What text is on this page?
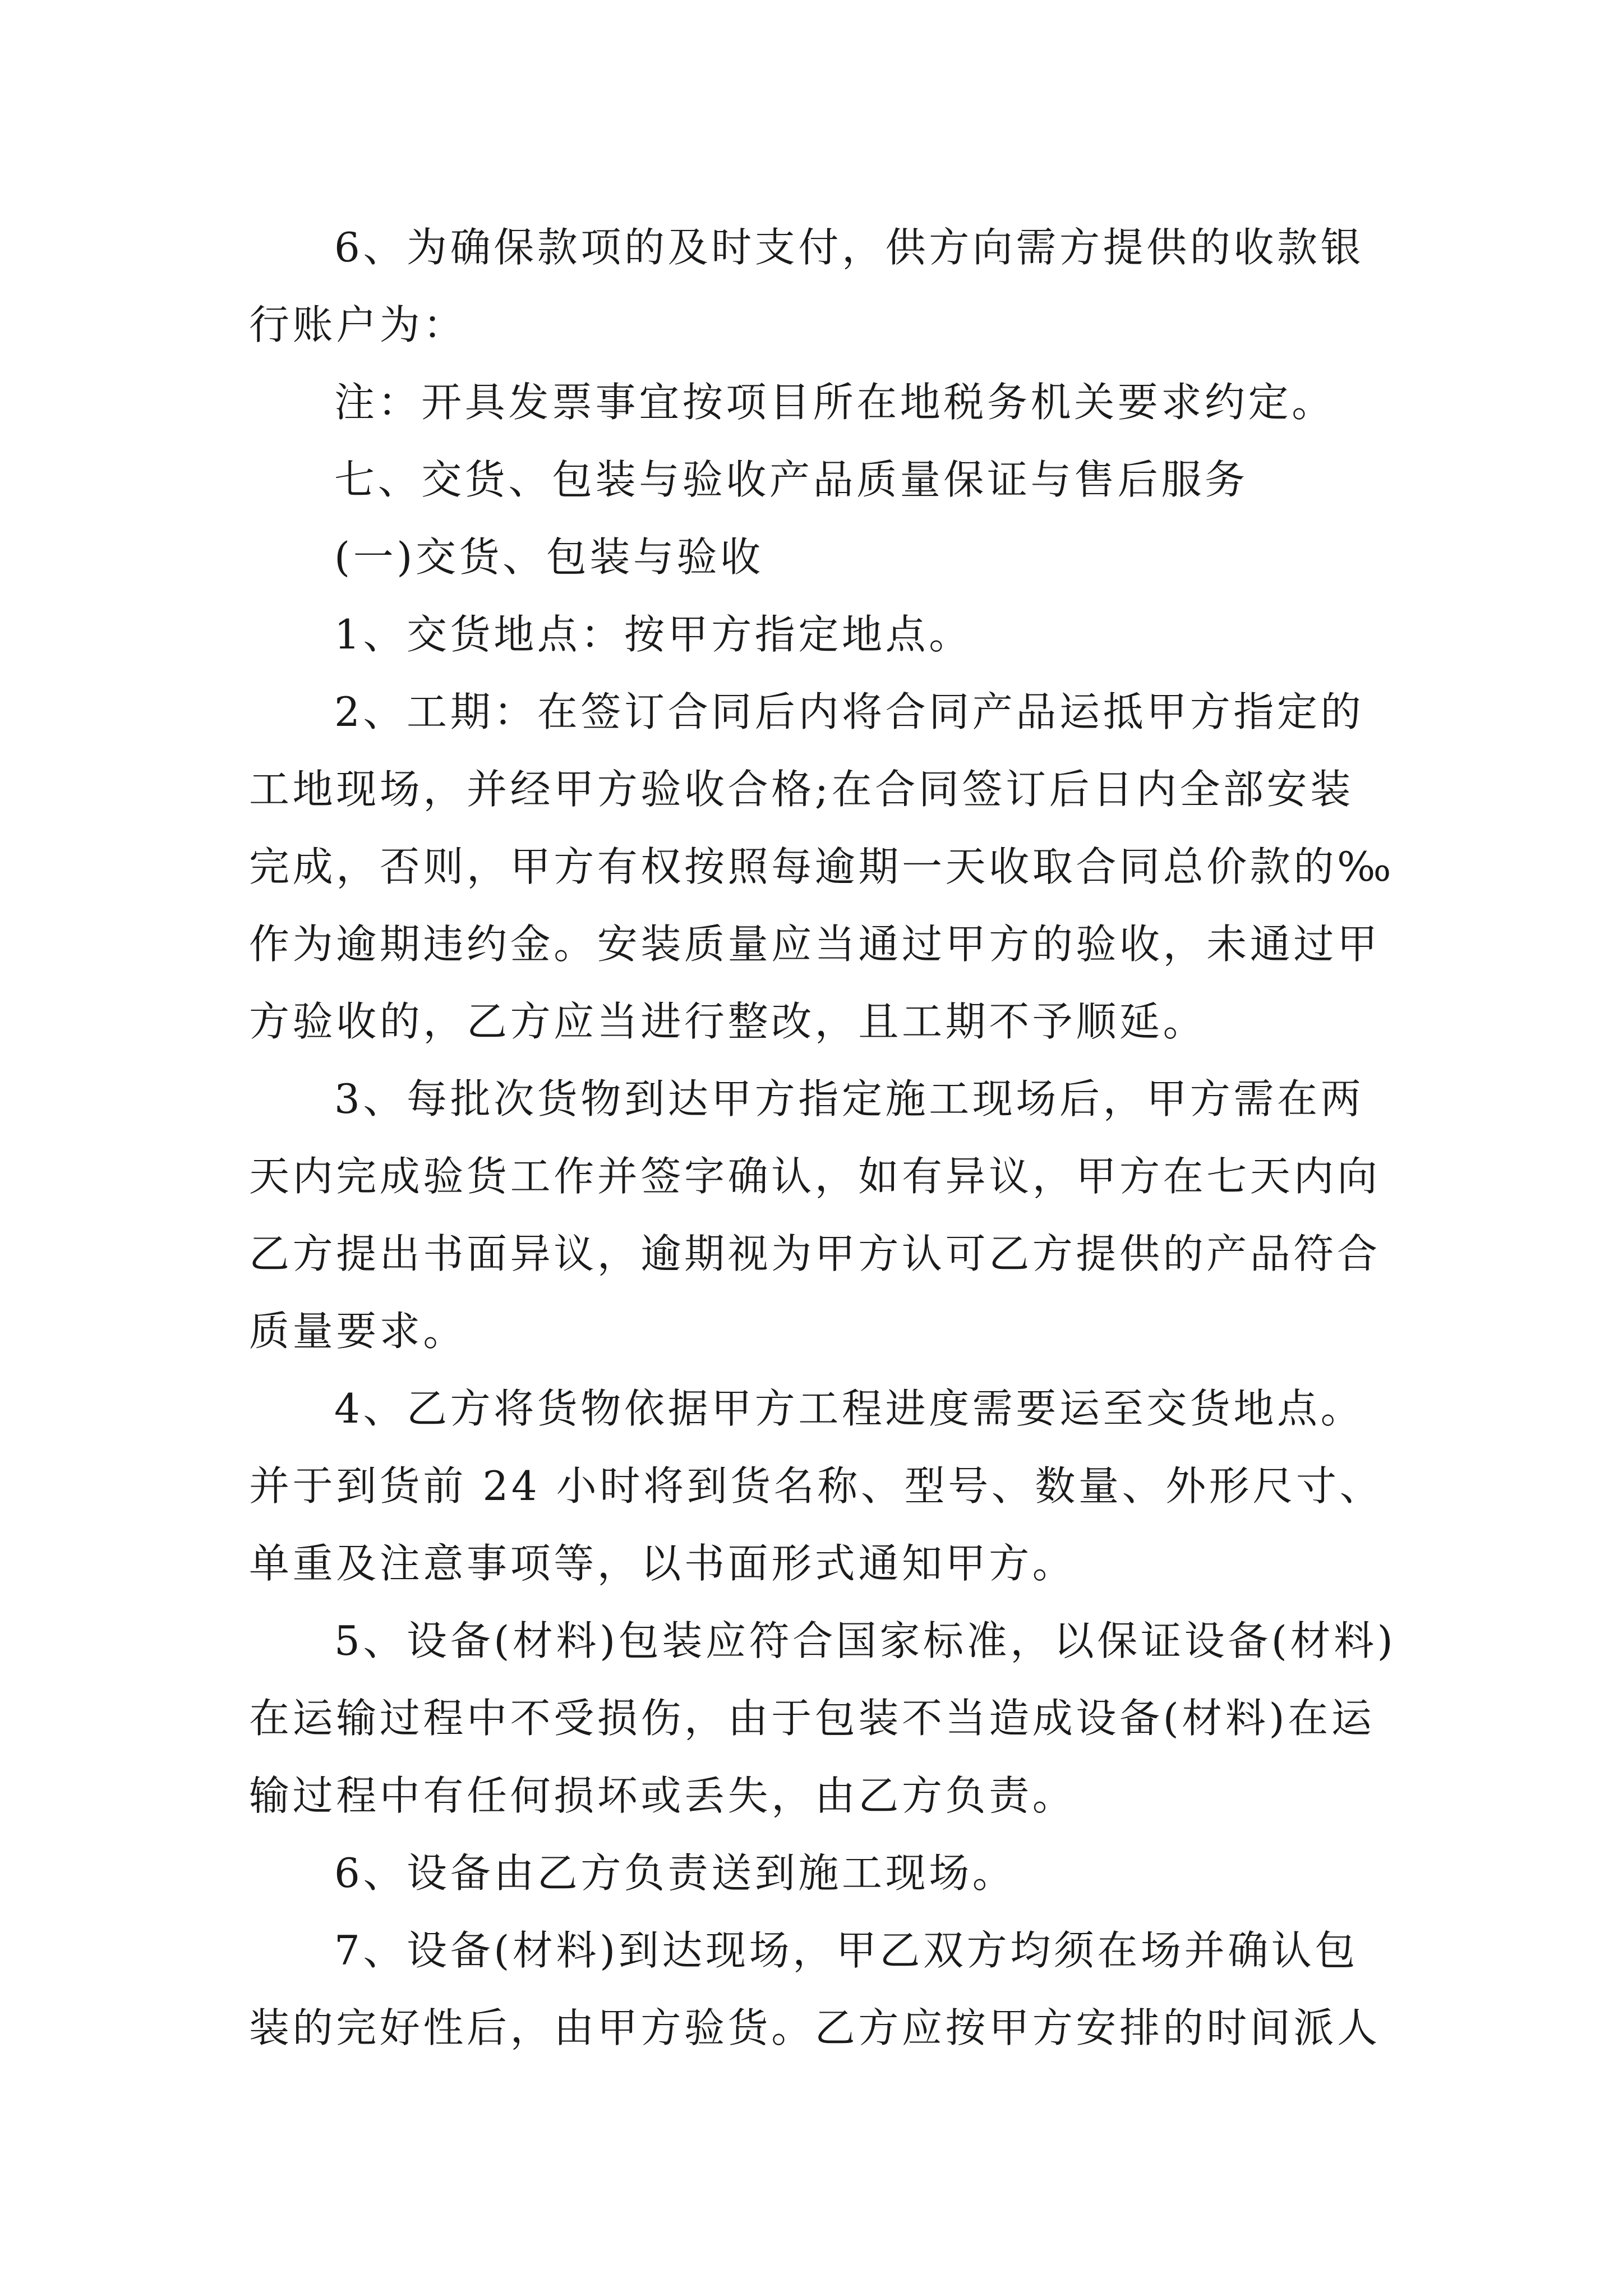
6、为确保款项的及时支付，供方向需方提供的收款银
行账户为：
注：开具发票事宜按项目所在地税务机关要求约定。
七、交货、包装与验收产品质量保证与售后服务
(一)交货、包装与验收
1、交货地点：按甲方指定地点。
2、工期：在签订合同后内将合同产品运抵甲方指定的
工地现场，并经甲方验收合格;在合同签订后日内全部安装
完成，否则，甲方有权按照每逾期一天收取合同总价款的‰
作为逾期违约金。安装质量应当通过甲方的验收，未通过甲
方验收的，乙方应当进行整改，且工期不予顺延。
3、每批次货物到达甲方指定施工现场后，甲方需在两
天内完成验货工作并签字确认，如有异议，甲方在七天内向
乙方提出书面异议，逾期视为甲方认可乙方提供的产品符合
质量要求。
4、乙方将货物依据甲方工程进度需要运至交货地点。
并于到货前 24 小时将到货名称、型号、数量、外形尺寸、
单重及注意事项等，以书面形式通知甲方。
5、设备(材料)包装应符合国家标准，以保证设备(材料)
在运输过程中不受损伤，由于包装不当造成设备(材料)在运
输过程中有任何损坏或丢失，由乙方负责。
6、设备由乙方负责送到施工现场。
7、设备(材料)到达现场，甲乙双方均须在场并确认包
装的完好性后，由甲方验货。乙方应按甲方安排的时间派人
